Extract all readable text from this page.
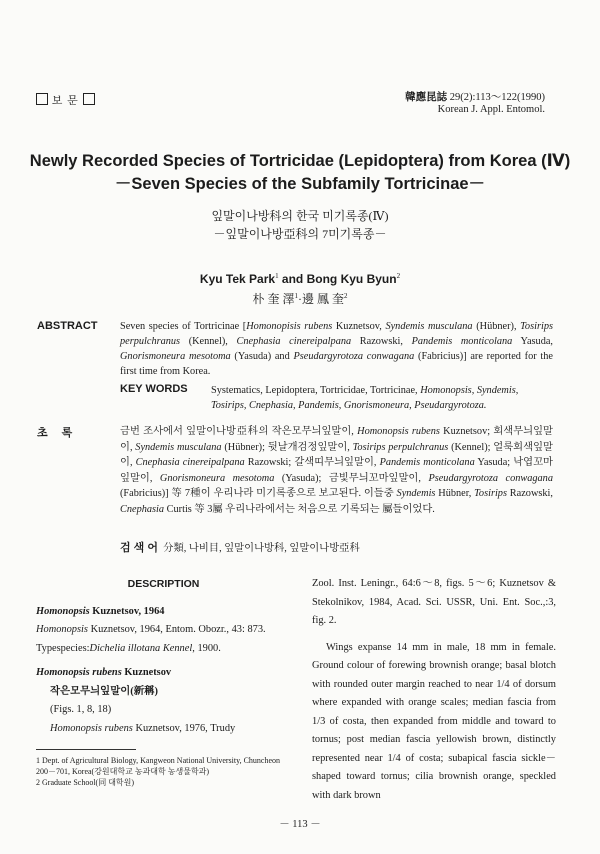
보 문	韓應昆誌 29(2):113～122(1990)
Korean J. Appl. Entomol.
Newly Recorded Species of Tortricidae (Lepidoptera) from Korea (Ⅳ)
－Seven Species of the Subfamily Tortricinae－
잎말이나방科의 한국 미기록종(Ⅳ)
－잎말이나방亞科의 7미기록종－
Kyu Tek Park$^1$ and Bong Kyu Byun$^2$
朴 奎 澤$^1$·邊 鳳 奎$^2$
ABSTRACT Seven species of Tortricinae [Homonopisis rubens Kuznetsov, Syndemis musculana (Hübner), Tosirips perpulchranus (Kennel), Cnephasia cinereipalpana Razowski, Pandemis monticolana Yasuda, Gnorismoneura mesotoma (Yasuda) and Pseudargyrotoza conwagana (Fabricius)] are reported for the first time from Korea.
KEY WORDS Systematics, Lepidoptera, Tortricidae, Tortricinae, Homonopsis, Syndemis, Tosirips, Cnephasia, Pandemis, Gnorismoneura, Pseudargyrotoza.
초록	금번 조사에서 잎말이나방亞科의 작은모무늬잎말이, Homonopsis rubens Kuznetsov; 회색무늬잎말이, Syndemis musculana (Hübner); 뒷날개검정잎말이, Tosirips perpulchranus (Kennel); 얼룩회색잎말이, Cnephasia cinereipalpana Razowski; 갈색띠무늬잎말이, Pandemis monticolana Yasuda; 낙엽꼬마잎말이, Gnorismoneura mesotoma (Yasuda); 금빛무늬꼬마잎말이, Pseudargyrotoza conwagana (Fabricius)] 等 7種이 우리나라 미기록종으로 보고된다. 이들중 Syndemis Hübner, Tosirips Razowski, Cnephasia Curtis 等 3屬 우리나라에서는 처음으로 기록되는 屬들이었다.
검 색 어 分類, 나비目, 잎말이나방科, 잎말이나방亞科
DESCRIPTION
Homonopsis Kuznetsov, 1964
Homonopsis Kuznetsov, 1964, Entom. Obozr., 43: 873.
Typespecies:Dichelia illotana Kennel, 1900.
Homonopsis rubens Kuznetsov
작은모무늬잎말이(新稱)
(Figs. 1, 8, 18)
Homonopsis rubens Kuznetsov, 1976, Trudy
Zool. Inst. Leningr., 64:6～8, figs. 5～6; Kuznetsov & Stekolnikov, 1984, Acad. Sci. USSR, Uni. Ent. Soc.,:3, fig. 2.
Wings expanse 14 mm in male, 18 mm in female. Ground colour of forewing brownish orange; basal blotch with rounded outer margin reached to near 1/4 of dorsum where expanded with orange scales; median fascia from 1/3 of costa, then expanded from middle and toward to tornus; post median fascia yellowish brown, distinctly represented near 1/4 of costa; subapical fascia sickle－shaped toward tornus; cilia brownish orange, speckled with dark brown
1 Dept. of Agricultural Biology, Kangweon National University, Chuncheon 200－701, Korea(강원대학교 농과대학 농생물학과)
2 Graduate School(同 대학원)
－ 113 －
